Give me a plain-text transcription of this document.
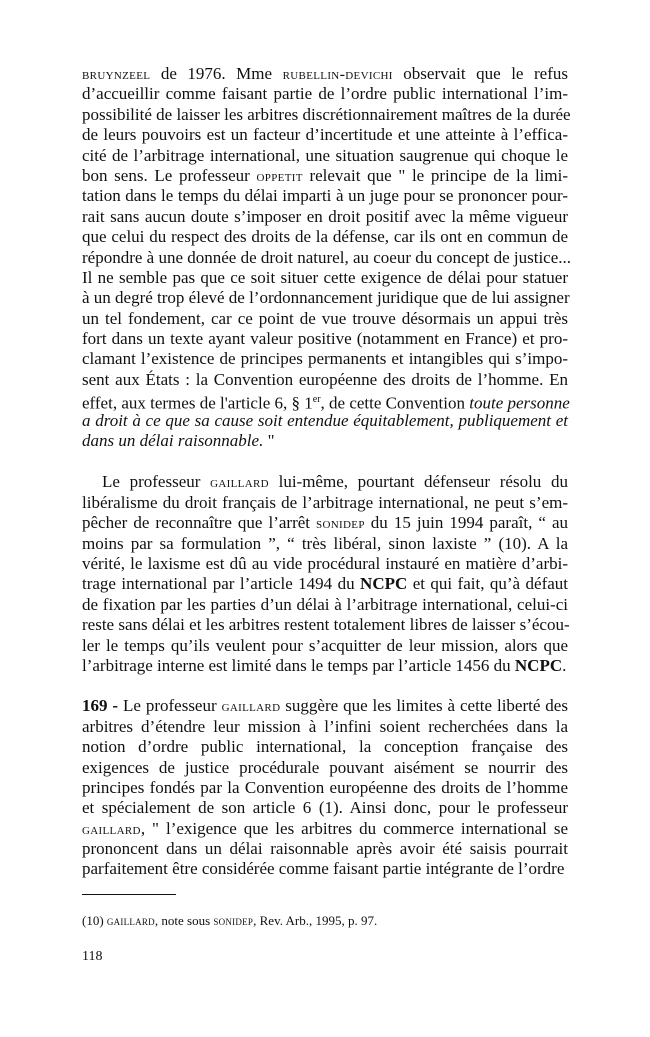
bruynzeel de 1976. Mme rubellin-devichi observait que le refus
d’accueillir comme faisant partie de l’ordre public international l’im-
possibilité de laisser les arbitres discrétionnairement maîtres de la durée
de leurs pouvoirs est un facteur d’incertitude et une atteinte à l’effica-
cité de l’arbitrage international, une situation saugrenue qui choque le
bon sens. Le professeur oppetit relevait que " le principe de la limi-
tation dans le temps du délai imparti à un juge pour se prononcer pour-
rait sans aucun doute s’imposer en droit positif avec la même vigueur
que celui du respect des droits de la défense, car ils ont en commun de
répondre à une donnée de droit naturel, au coeur du concept de justice...
Il ne semble pas que ce soit situer cette exigence de délai pour statuer
à un degré trop élevé de l’ordonnancement juridique que de lui assigner
un tel fondement, car ce point de vue trouve désormais un appui très
fort dans un texte ayant valeur positive (notamment en France) et pro-
clamant l’existence de principes permanents et intangibles qui s’impo-
sent aux États : la Convention européenne des droits de l’homme. En
effet, aux termes de l'article 6, § 1er, de cette Convention toute personne
a droit à ce que sa cause soit entendue équitablement, publiquement et
dans un délai raisonnable. "
Le professeur gaillard lui-même, pourtant défenseur résolu du
libéralisme du droit français de l’arbitrage international, ne peut s’em-
pêcher de reconnaître que l’arrêt sonidep du 15 juin 1994 paraît, “ au
moins par sa formulation ”, “ très libéral, sinon laxiste ” (10). A la
vérité, le laxisme est dû au vide procédural instauré en matière d’arbi-
trage international par l’article 1494 du NCPC et qui fait, qu’à défaut
de fixation par les parties d’un délai à l’arbitrage international, celui-ci
reste sans délai et les arbitres restent totalement libres de laisser s’écou-
ler le temps qu’ils veulent pour s’acquitter de leur mission, alors que
l’arbitrage interne est limité dans le temps par l’article 1456 du NCPC.
169 - Le professeur gaillard suggère que les limites à cette liberté des
arbitres d’étendre leur mission à l’infini soient recherchées dans la
notion d’ordre public international, la conception française des
exigences de justice procédurale pouvant aisément se nourrir des
principes fondés par la Convention européenne des droits de l’homme
et spécialement de son article 6 (1). Ainsi donc, pour le professeur
gaillard, " l’exigence que les arbitres du commerce international se
prononcent dans un délai raisonnable après avoir été saisis pourrait
parfaitement être considérée comme faisant partie intégrante de l’ordre
(10) gaillard, note sous sonidep, Rev. Arb., 1995, p. 97.
118
